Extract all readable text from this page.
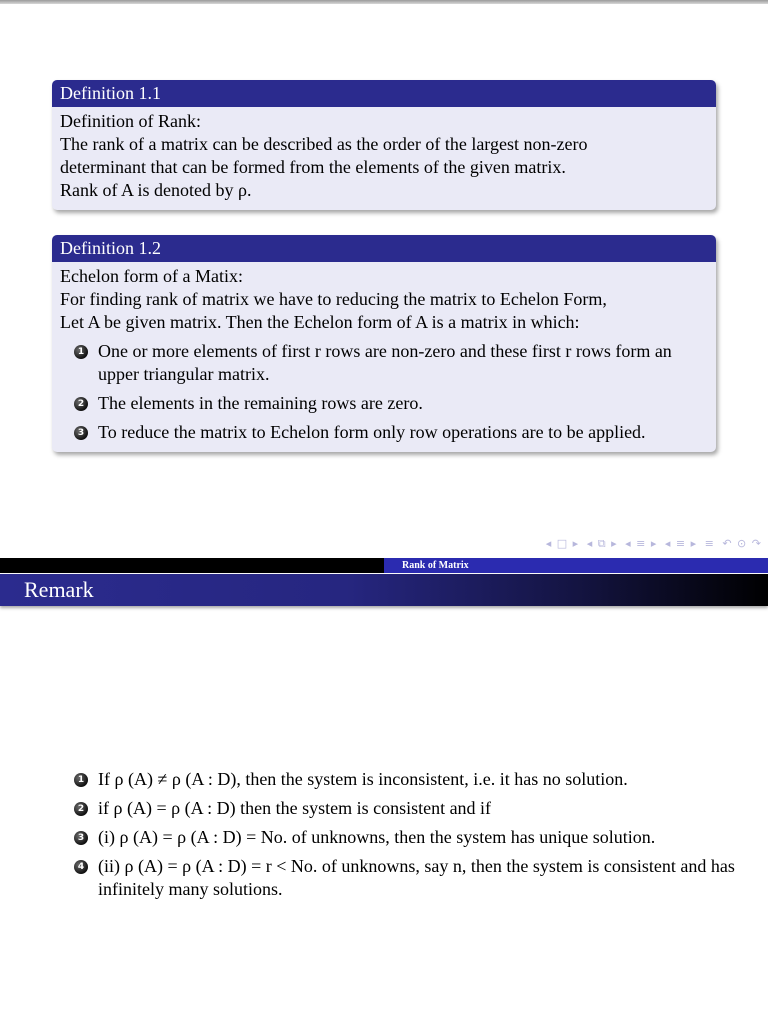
Definition 1.1

Definition of Rank:

The rank of a matrix can be described as the order of the largest non-zero

determinant that can be formed from the elements of the given matrix.

Rank of A is denoted by ρ.

Definition 1.2

Echelon form of a Matix:

For finding rank of matrix we have to reducing the matrix to Echelon Form,

Let A be given matrix. Then the Echelon form of A is a matrix in which:

1 One or more elements of first r rows are non-zero and these first r rows form an upper triangular matrix.
2 The elements in the remaining rows are zero.
3 To reduce the matrix to Echelon form only row operations are to be applied.
◂ □ ▸ ◂ ⧉ ▸ ◂ ≡ ▸ ◂ ≡ ▸ ≡ ↶ ⊙ ↷
Rank of Matrix
Remark
1 If ρ (A) ≠ ρ (A : D), then the system is inconsistent, i.e. it has no solution.
2 if ρ (A) = ρ (A : D) then the system is consistent and if
3 (i) ρ (A) = ρ (A : D) = No. of unknowns, then the system has unique solution.
4 (ii) ρ (A) = ρ (A : D) = r < No. of unknowns, say n, then the system is consistent and has infinitely many solutions.
